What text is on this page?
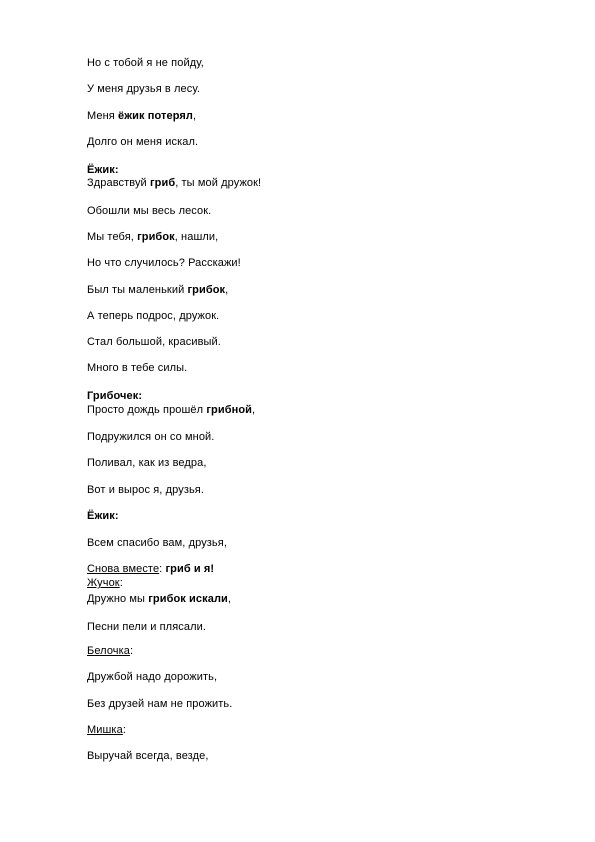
Но с тобой я не пойду,
У меня друзья в лесу.
Меня ёжик потерял,
Долго он меня искал.
Ёжик:
Здравствуй гриб, ты мой дружок!
Обошли мы весь лесок.
Мы тебя, грибок, нашли,
Но что случилось? Расскажи!
Был ты маленький грибок,
А теперь подрос, дружок.
Стал большой, красивый.
Много в тебе силы.
Грибочек:
Просто дождь прошёл грибной,
Подружился он со мной.
Поливал, как из ведра,
Вот и вырос я, друзья.
Ёжик:
Всем спасибо вам, друзья,
Снова вместе: гриб и я!
Жучок:
Дружно мы грибок искали,
Песни пели и плясали.
Белочка:
Дружбой надо дорожить,
Без друзей нам не прожить.
Мишка:
Выручай всегда, везде,
